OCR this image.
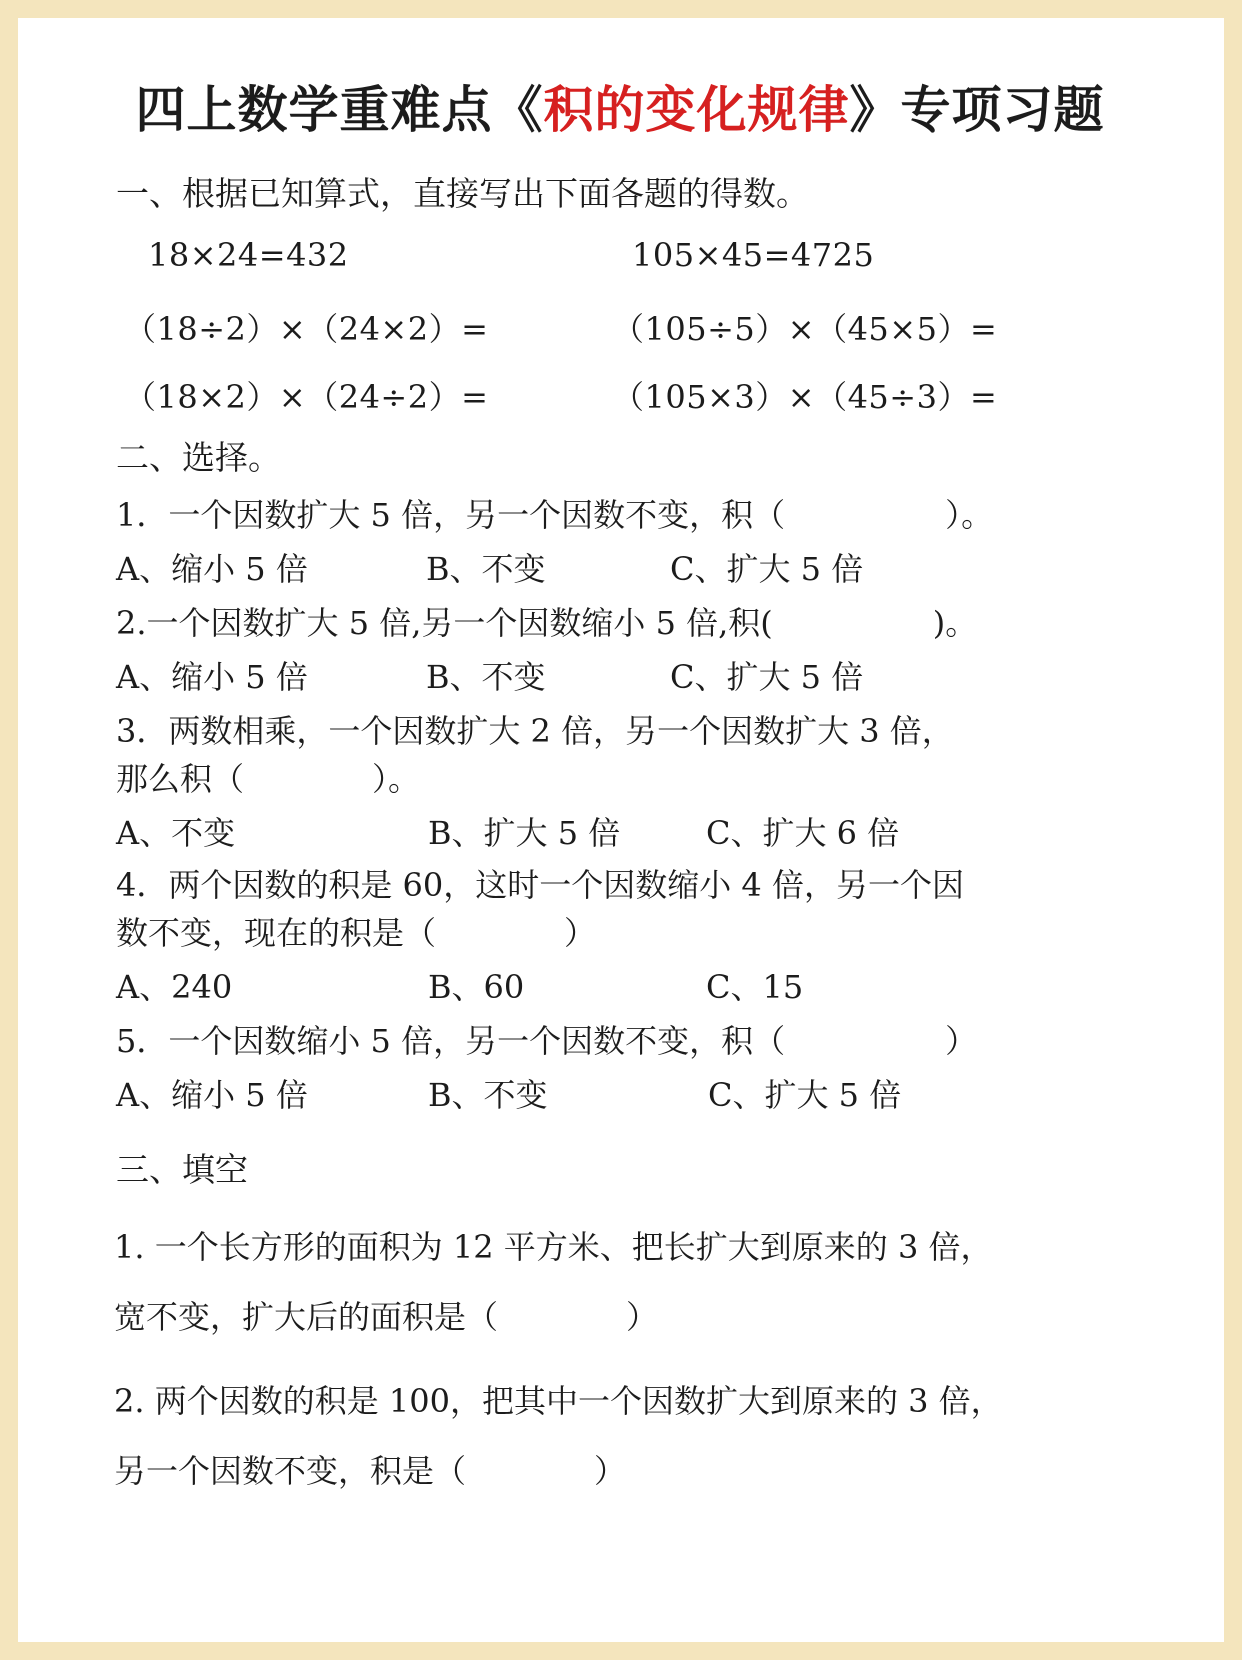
四上数学重难点《积的变化规律》专项习题
一、根据已知算式，直接写出下面各题的得数。
18×24=432	105×45=4725
（18÷2）×（24×2）=	（105÷5）×（45×5）=
（18×2）×（24÷2）=	（105×3）×（45÷3）=
二、选择。
1．一个因数扩大 5 倍，另一个因数不变，积（　　　　　）。
A、缩小 5 倍	B、不变	C、扩大 5 倍
2.一个因数扩大 5 倍,另一个因数缩小 5 倍,积(　　　　　)。
A、缩小 5 倍	B、不变	C、扩大 5 倍
3．两数相乘，一个因数扩大 2 倍，另一个因数扩大 3 倍，
那么积（　　　　）。
A、不变	B、扩大 5 倍	C、扩大 6 倍
4．两个因数的积是 60，这时一个因数缩小 4 倍，另一个因
数不变，现在的积是（　　　　）
A、240	B、60	C、15
5．一个因数缩小 5 倍，另一个因数不变，积（　　　　　）
A、缩小 5 倍	B、不变	C、扩大 5 倍
三、填空
1. 一个长方形的面积为 12 平方米、把长扩大到原来的 3 倍，
宽不变，扩大后的面积是（　　　　）
2. 两个因数的积是 100，把其中一个因数扩大到原来的 3 倍，
另一个因数不变，积是（　　　　）
